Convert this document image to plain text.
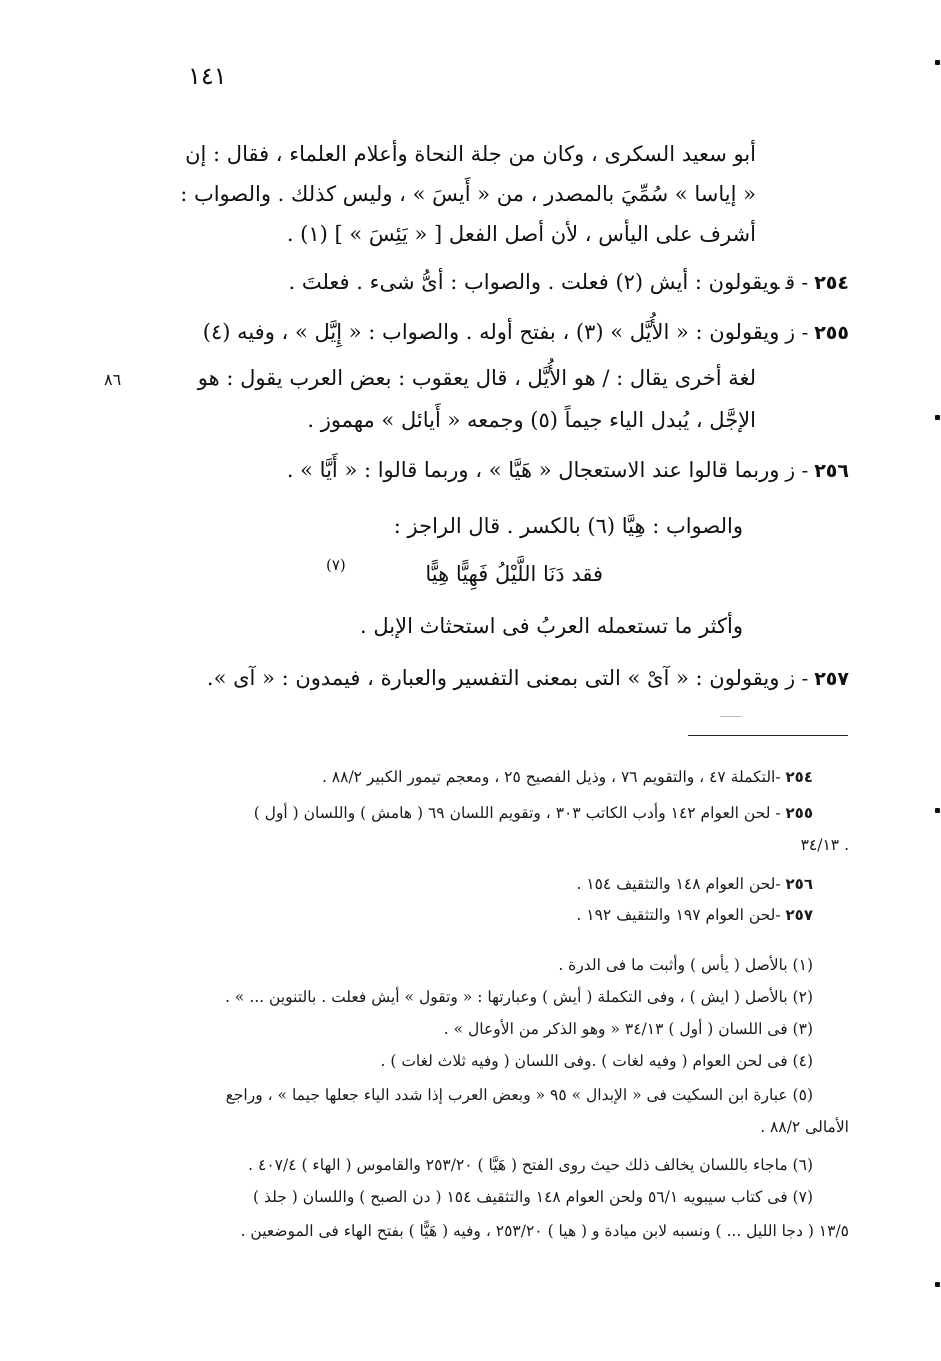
١٤١
أبو سعيد السكرى ، وكان من جلة النحاة وأعلام العلماء ، فقال : إن
« إياسا » سُمِّيَ بالمصدر ، من « أَيسَ » ، وليس كذلك . والصواب :
أشرف على اليأس ، لأن أصل الفعل [ « يَئِسَ » ] (١) .
٢٥٤- قويقولون : أيش (٢) فعلت . والصواب : أىُّ شىء . فعلتَ .
٢٥٥- زويقولون : « الأُيَّل » (٣) ، بفتح أوله . والصواب : « إِيَّل » ، وفيه (٤)
لغة أخرى يقال : / هو الأُيَّل ، قال يعقوب : بعض العرب يقول : هو
٨٦
الإجَّل ، يُبدل الياء جيماً (٥) وجمعه « أَيائل » مهموز .
٢٥٦- زوربما قالوا عند الاستعجال « هَيَّا » ، وربما قالوا : « أَيَّا » .
والصواب : هِيَّا (٦) بالكسر . قال الراجز :
فقد دَنَا اللَّيْلُ فَهِيًّا هِيًّا
(٧)
وأكثر ما تستعمله العربُ فى استحثاث الإبل .
٢٥٧- زويقولون : « آىْ » التى بمعنى التفسير والعبارة ، فيمدون : « آى ».
٢٥٤ -التكملة ٤٧ ، والتقويم ٧٦ ، وذيل الفصيح ٢٥ ، ومعجم تيمور الكبير ٨٨/٢ .
٢٥٥ - لحن العوام ١٤٢ وأدب الكاتب ٣٠٣ ، وتقويم اللسان ٦٩ ( هامش ) واللسان ( أول )
. ٣٤/١٣
٢٥٦ -لحن العوام ١٤٨ والتثقيف ١٥٤ .
٢٥٧ -لحن العوام ١٩٧ والتثقيف ١٩٢ .
(١) بالأصل ( يأس ) وأثبت ما فى الدرة .
(٢) بالأصل ( ايش ) ، وفى التكملة ( أيش ) وعبارتها : « وتقول » أيش فعلت . بالتنوين ... » .
(٣) فى اللسان ( أول ) ٣٤/١٣ « وهو الذكر من الأوعال » .
(٤) فى لحن العوام ( وفيه لغات ) .وفى اللسان ( وفيه ثلاث لغات ) .
(٥) عبارة ابن السكيت فى « الإبدال » ٩٥ « وبعض العرب إذا شدد الياء جعلها جيما » ، وراجع
الأمالى ٨٨/٢ .
(٦) ماجاء باللسان يخالف ذلك حيث روى الفتح ( هَيَّا ) ٢٥٣/٢٠ والقاموس ( الهاء ) ٤٠٧/٤ .
(٧) فى كتاب سيبويه ٥٦/١ ولحن العوام ١٤٨ والتثقيف ١٥٤ ( دن الصبح ) واللسان ( جلذ )
١٣/٥ ( دجا الليل ... ) ونسبه لابن ميادة و ( هيا ) ٢٥٣/٢٠ ، وفيه ( هَيًّا ) بفتح الهاء فى الموضعين .
